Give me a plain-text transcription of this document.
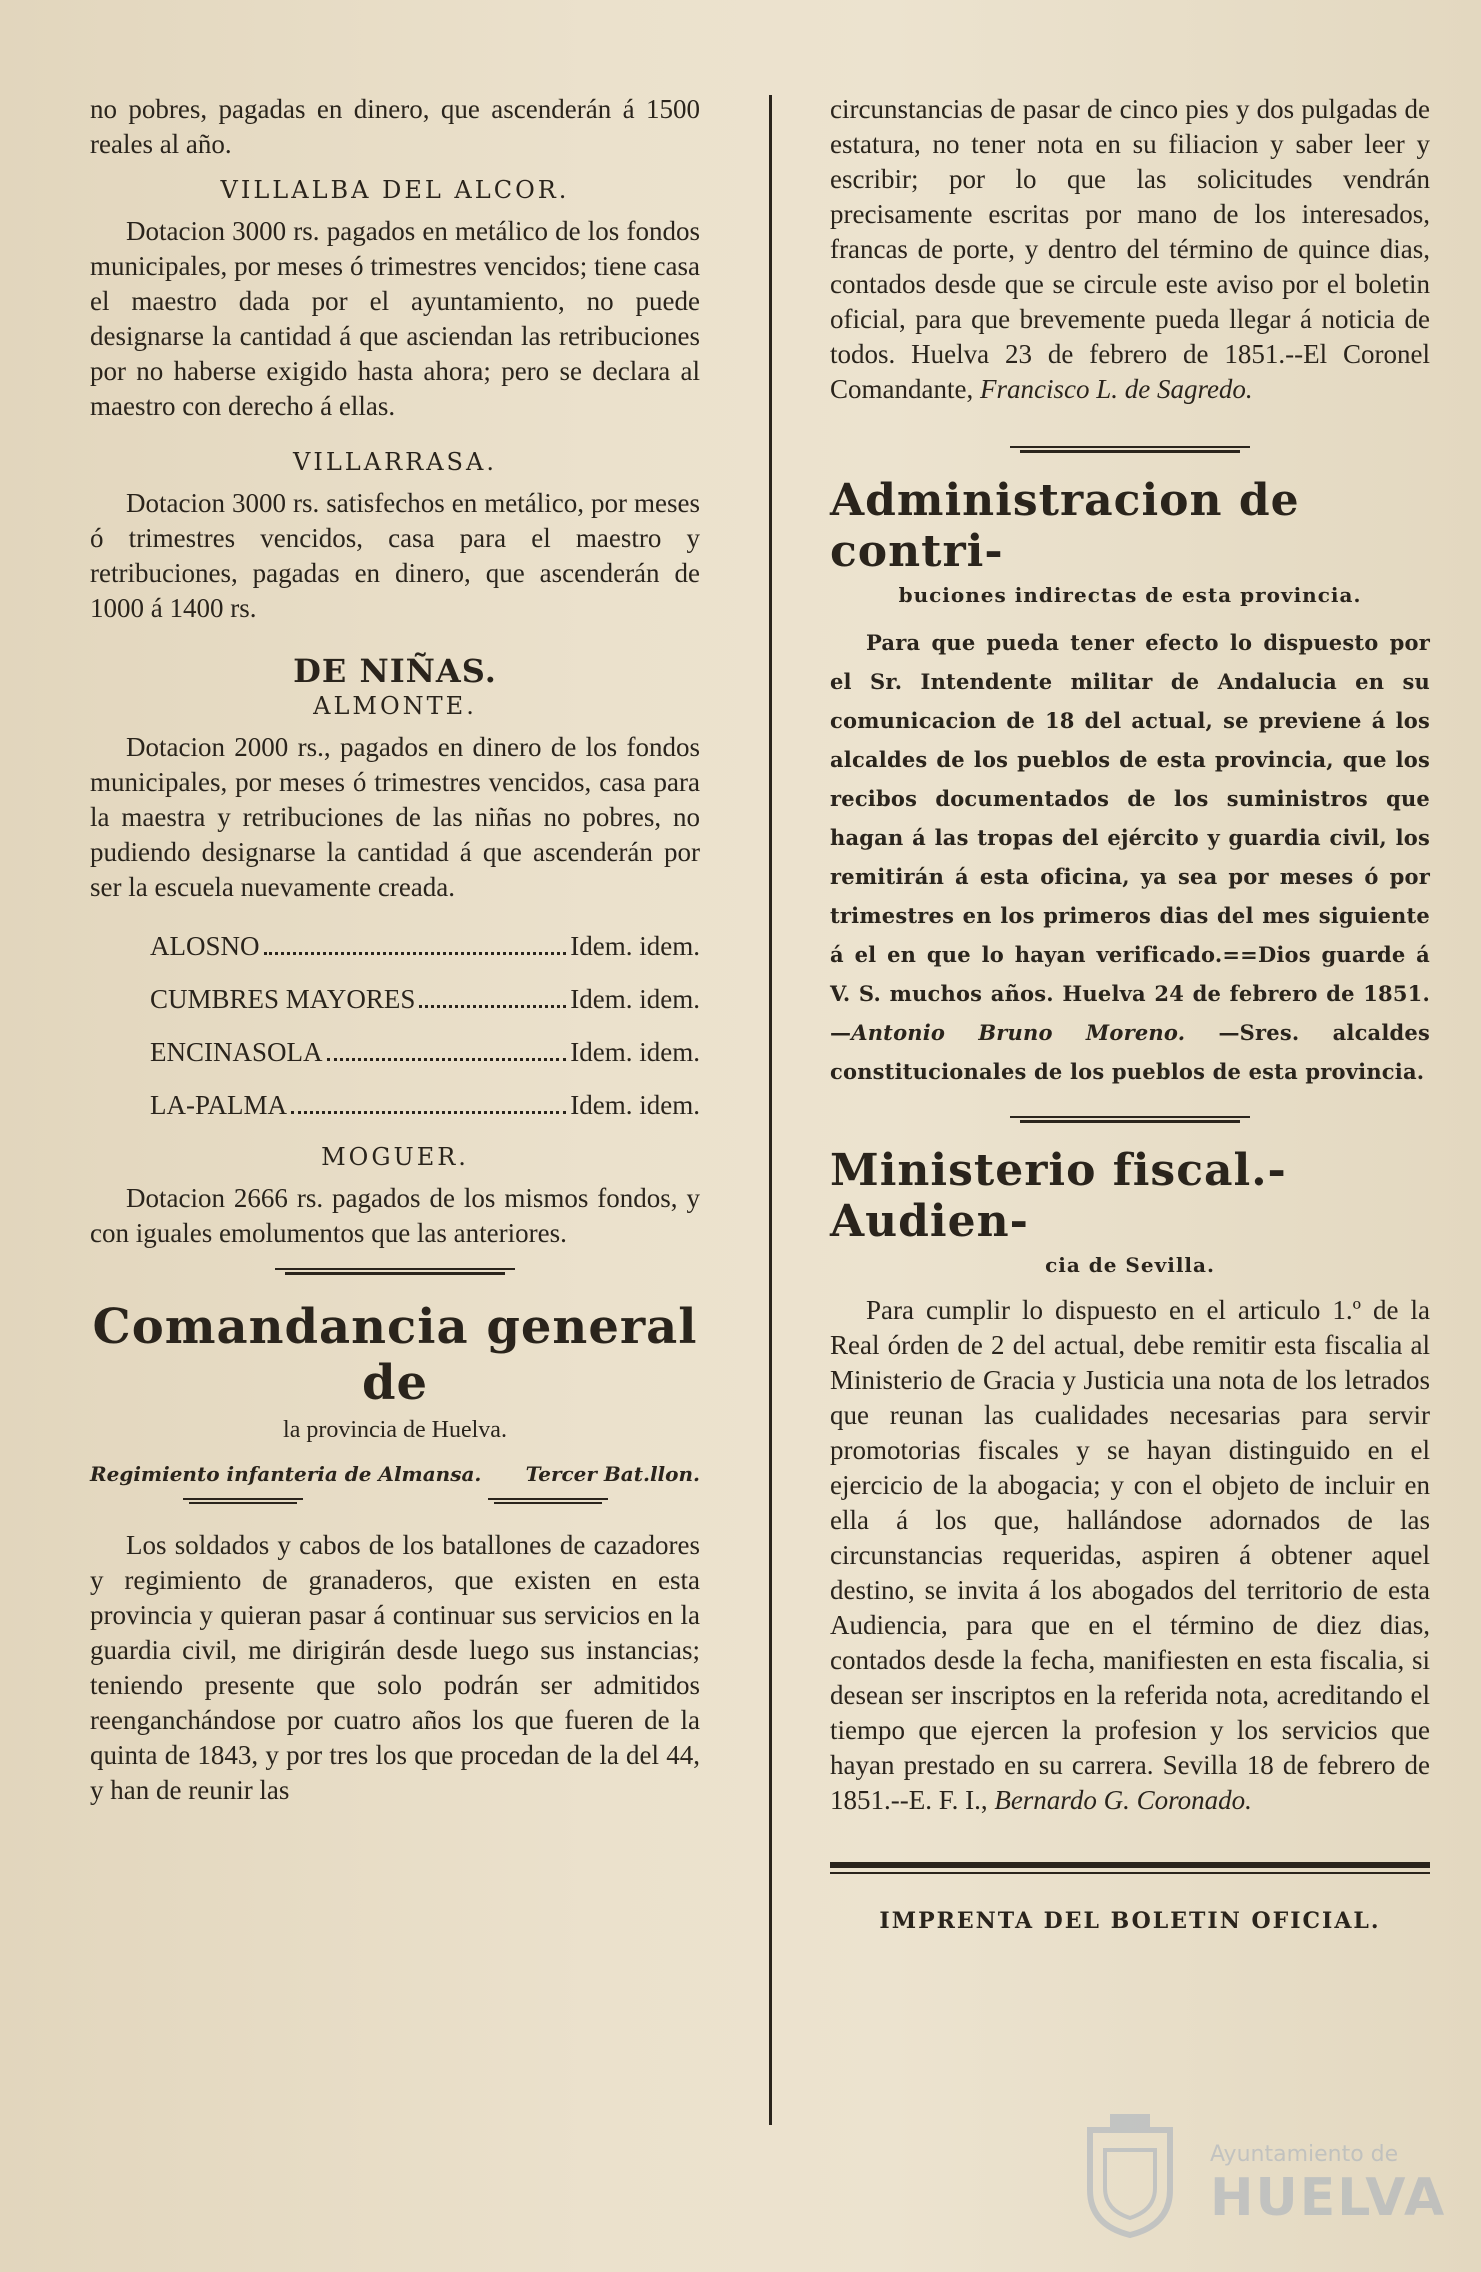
no pobres, pagadas en dinero, que ascenderán á 1500 reales al año.

VILLALBA DEL ALCOR.

Dotacion 3000 rs. pagados en metálico de los fondos municipales, por meses ó trimestres vencidos; tiene casa el maestro dada por el ayuntamiento, no puede designarse la cantidad á que asciendan las retribuciones por no haberse exigido hasta ahora; pero se declara al maestro con derecho á ellas.

VILLARRASA.

Dotacion 3000 rs. satisfechos en metálico, por meses ó trimestres vencidos, casa para el maestro y retribuciones, pagadas en dinero, que ascenderán de 1000 á 1400 rs.

DE NIÑAS.
ALMONTE.

Dotacion 2000 rs., pagados en dinero de los fondos municipales, por meses ó trimestres vencidos, casa para la maestra y retribuciones de las niñas no pobres, no pudiendo designarse la cantidad á que ascenderán por ser la escuela nuevamente creada.

ALOSNO	Idem. idem.
CUMBRES MAYORES	Idem. idem.
ENCINASOLA	Idem. idem.
LA-PALMA	Idem. idem.
MOGUER.

Dotacion 2666 rs. pagados de los mismos fondos, y con iguales emolumentos que las anteriores.

Comandancia general de
la provincia de Huelva.
Regimiento infanteria de Almansa. Tercer Bat.llon.

Los soldados y cabos de los batallones de cazadores y regimiento de granaderos, que existen en esta provincia y quieran pasar á continuar sus servicios en la guardia civil, me dirigirán desde luego sus instancias; teniendo presente que solo podrán ser admitidos reenganchándose por cuatro años los que fueren de la quinta de 1843, y por tres los que procedan de la del 44, y han de reunir las

circunstancias de pasar de cinco pies y dos pulgadas de estatura, no tener nota en su filiacion y saber leer y escribir; por lo que las solicitudes vendrán precisamente escritas por mano de los interesados, francas de porte, y dentro del término de quince dias, contados desde que se circule este aviso por el boletin oficial, para que brevemente pueda llegar á noticia de todos. Huelva 23 de febrero de 1851.--El Coronel Comandante, Francisco L. de Sagredo.

Administracion de contri-
buciones indirectas de esta provincia.

Para que pueda tener efecto lo dispuesto por el Sr. Intendente militar de Andalucia en su comunicacion de 18 del actual, se previene á los alcaldes de los pueblos de esta provincia, que los recibos documentados de los suministros que hagan á las tropas del ejército y guardia civil, los remitirán á esta oficina, ya sea por meses ó por trimestres en los primeros dias del mes siguiente á el en que lo hayan verificado.==Dios guarde á V. S. muchos años. Huelva 24 de febrero de 1851.—Antonio Bruno Moreno. —Sres. alcaldes constitucionales de los pueblos de esta provincia.

Ministerio fiscal.-Audien-
cia de Sevilla.

Para cumplir lo dispuesto en el articulo 1.º de la Real órden de 2 del actual, debe remitir esta fiscalia al Ministerio de Gracia y Justicia una nota de los letrados que reunan las cualidades necesarias para servir promotorias fiscales y se hayan distinguido en el ejercicio de la abogacia; y con el objeto de incluir en ella á los que, hallándose adornados de las circunstancias requeridas, aspiren á obtener aquel destino, se invita á los abogados del territorio de esta Audiencia, para que en el término de diez dias, contados desde la fecha, manifiesten en esta fiscalia, si desean ser inscriptos en la referida nota, acreditando el tiempo que ejercen la profesion y los servicios que hayan prestado en su carrera. Sevilla 18 de febrero de 1851.--E. F. I., Bernardo G. Coronado.

IMPRENTA DEL BOLETIN OFICIAL.
Ayuntamiento de
HUELVA
